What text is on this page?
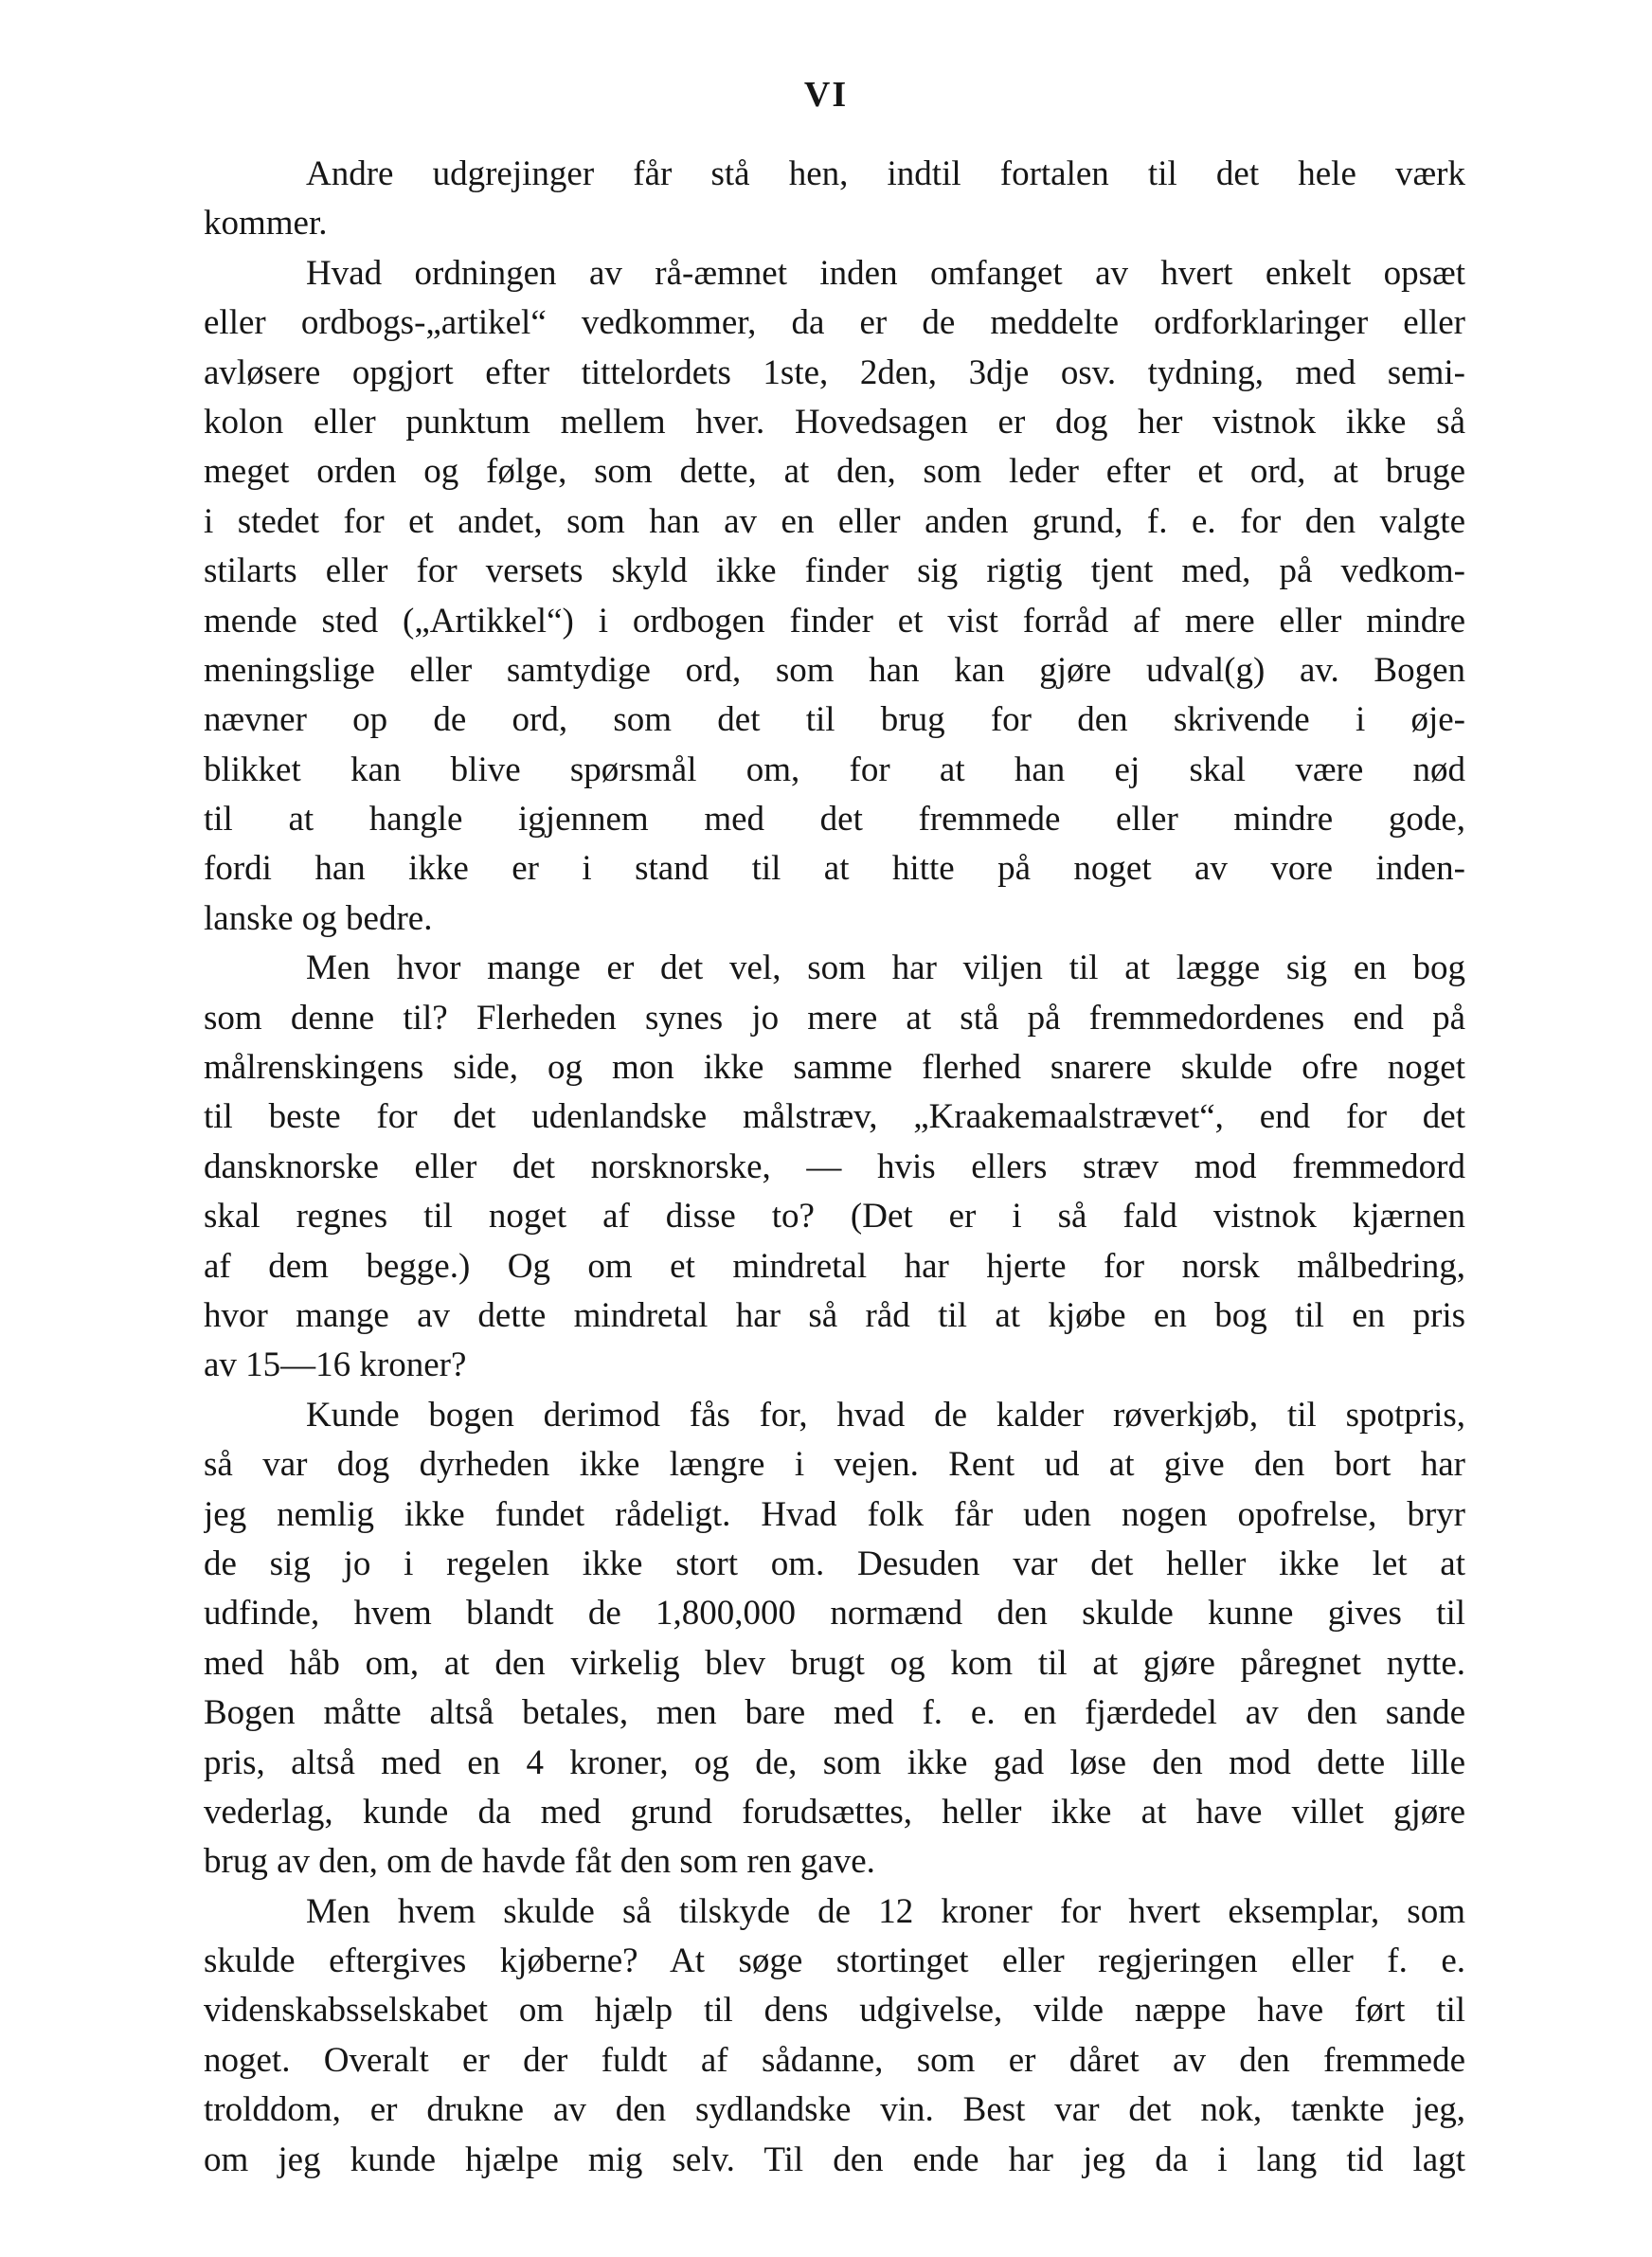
VI
Andre udgrejinger får stå hen, indtil fortalen til det hele værk
kommer.
Hvad ordningen av rå-æmnet inden omfanget av hvert enkelt opsæt
eller ordbogs-„artikel“ vedkommer, da er de meddelte ordforklaringer eller
avløsere opgjort efter tittelordets 1ste, 2den, 3dje osv. tydning, med semi-
kolon eller punktum mellem hver. Hovedsagen er dog her vistnok ikke så
meget orden og følge, som dette, at den, som leder efter et ord, at bruge
i stedet for et andet, som han av en eller anden grund, f. e. for den valgte
stilarts eller for versets skyld ikke finder sig rigtig tjent med, på vedkom-
mende sted („Artikkel“) i ordbogen finder et vist forråd af mere eller mindre
meningslige eller samtydige ord, som han kan gjøre udval(g) av. Bogen
nævner op de ord, som det til brug for den skrivende i øje-
blikket kan blive spørsmål om, for at han ej skal være nød
til at hangle igjennem med det fremmede eller mindre gode,
fordi han ikke er i stand til at hitte på noget av vore inden-
lanske og bedre.
Men hvor mange er det vel, som har viljen til at lægge sig en bog
som denne til? Flerheden synes jo mere at stå på fremmedordenes end på
målrenskingens side, og mon ikke samme flerhed snarere skulde ofre noget
til beste for det udenlandske målstræv, „Kraakemaalstrævet“, end for det
dansknorske eller det norsknorske, — hvis ellers stræv mod fremmedord
skal regnes til noget af disse to? (Det er i så fald vistnok kjærnen
af dem begge.) Og om et mindretal har hjerte for norsk målbedring,
hvor mange av dette mindretal har så råd til at kjøbe en bog til en pris
av 15—16 kroner?
Kunde bogen derimod fås for, hvad de kalder røverkjøb, til spotpris,
så var dog dyrheden ikke længre i vejen. Rent ud at give den bort har
jeg nemlig ikke fundet rådeligt. Hvad folk får uden nogen opofrelse, bryr
de sig jo i regelen ikke stort om. Desuden var det heller ikke let at
udfinde, hvem blandt de 1,800,000 normænd den skulde kunne gives til
med håb om, at den virkelig blev brugt og kom til at gjøre påregnet nytte.
Bogen måtte altså betales, men bare med f. e. en fjærdedel av den sande
pris, altså med en 4 kroner, og de, som ikke gad løse den mod dette lille
vederlag, kunde da med grund forudsættes, heller ikke at have villet gjøre
brug av den, om de havde fåt den som ren gave.
Men hvem skulde så tilskyde de 12 kroner for hvert eksemplar, som
skulde eftergives kjøberne? At søge stortinget eller regjeringen eller f. e.
videnskabsselskabet om hjælp til dens udgivelse, vilde næppe have ført til
noget. Overalt er der fuldt af sådanne, som er dåret av den fremmede
trolddom, er drukne av den sydlandske vin. Best var det nok, tænkte jeg,
om jeg kunde hjælpe mig selv. Til den ende har jeg da i lang tid lagt
